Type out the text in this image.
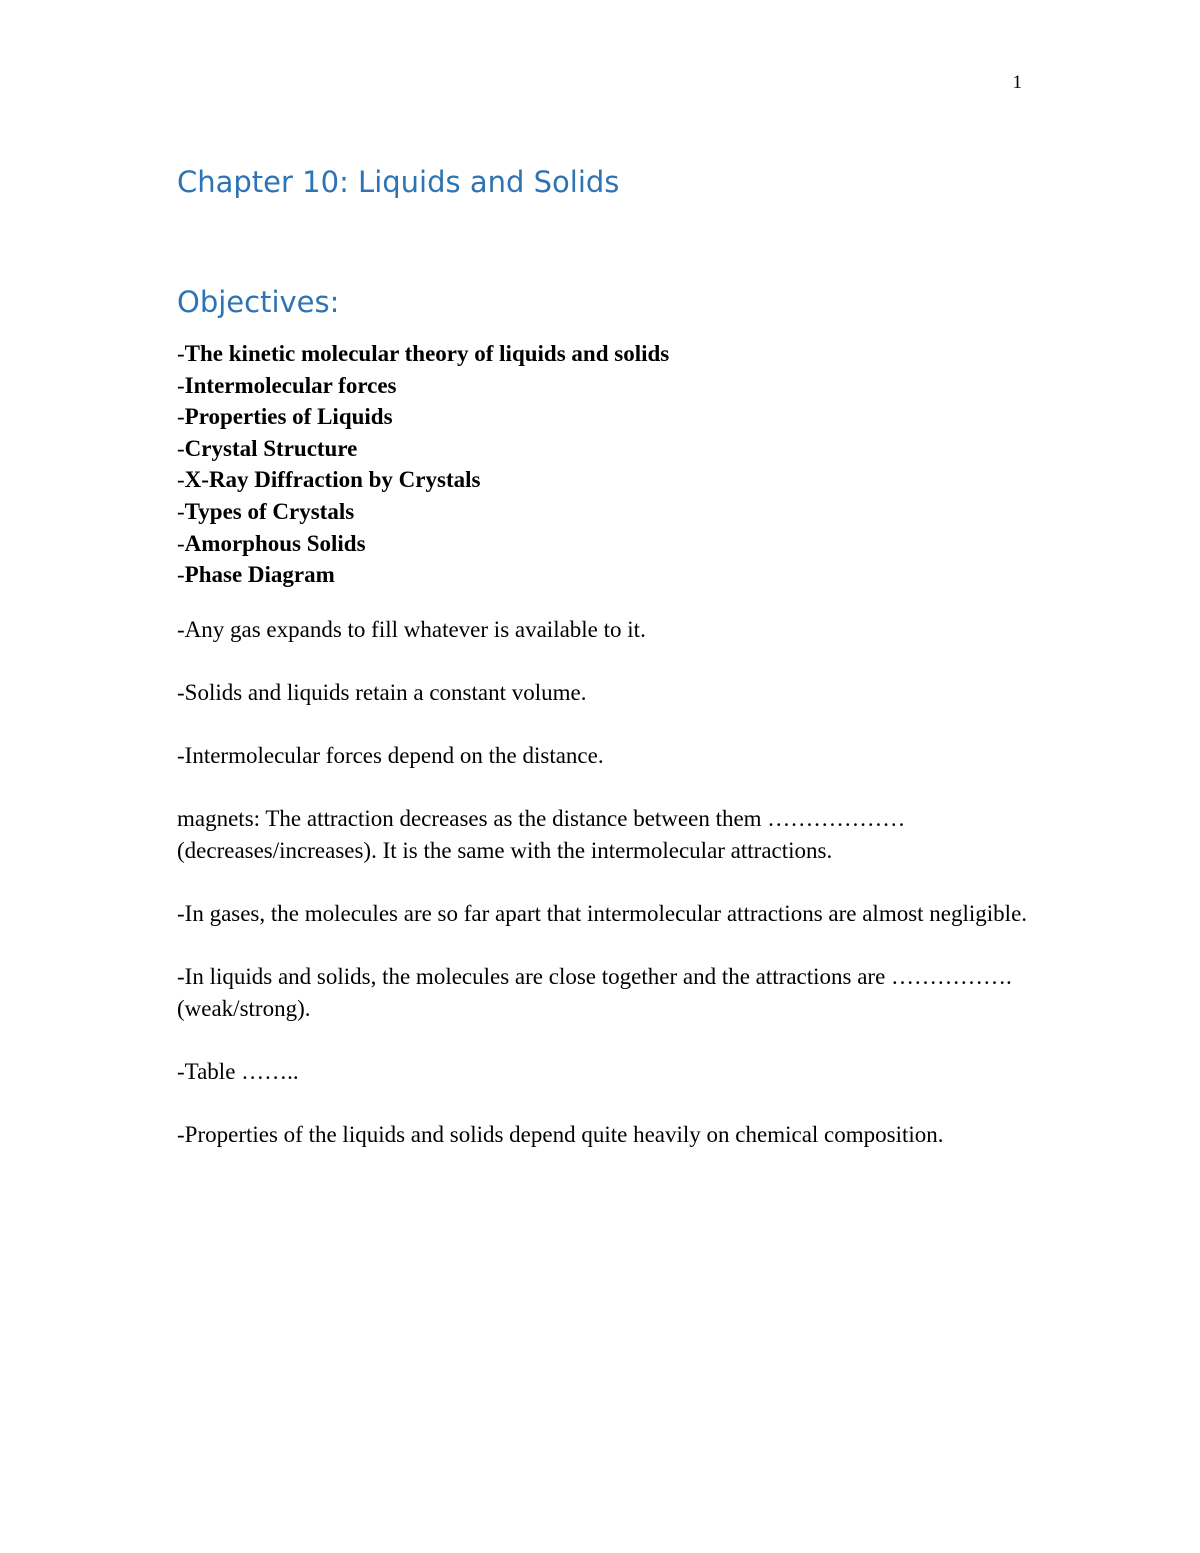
1
Chapter 10: Liquids and Solids
Objectives:
-The kinetic molecular theory of liquids and solids
-Intermolecular forces
-Properties of Liquids
-Crystal Structure
-X-Ray Diffraction by Crystals
-Types of Crystals
-Amorphous Solids
-Phase Diagram

-Any gas expands to fill whatever is available to it.

-Solids and liquids retain a constant volume.

-Intermolecular forces depend on the distance.

magnets: The attraction decreases as the distance between them ……………… (decreases/increases). It is the same with the intermolecular attractions.

-In gases, the molecules are so far apart that intermolecular attractions are almost negligible.

-In liquids and solids, the molecules are close together and the attractions are ……………. (weak/strong).

-Table ……..

-Properties of the liquids and solids depend quite heavily on chemical composition.
